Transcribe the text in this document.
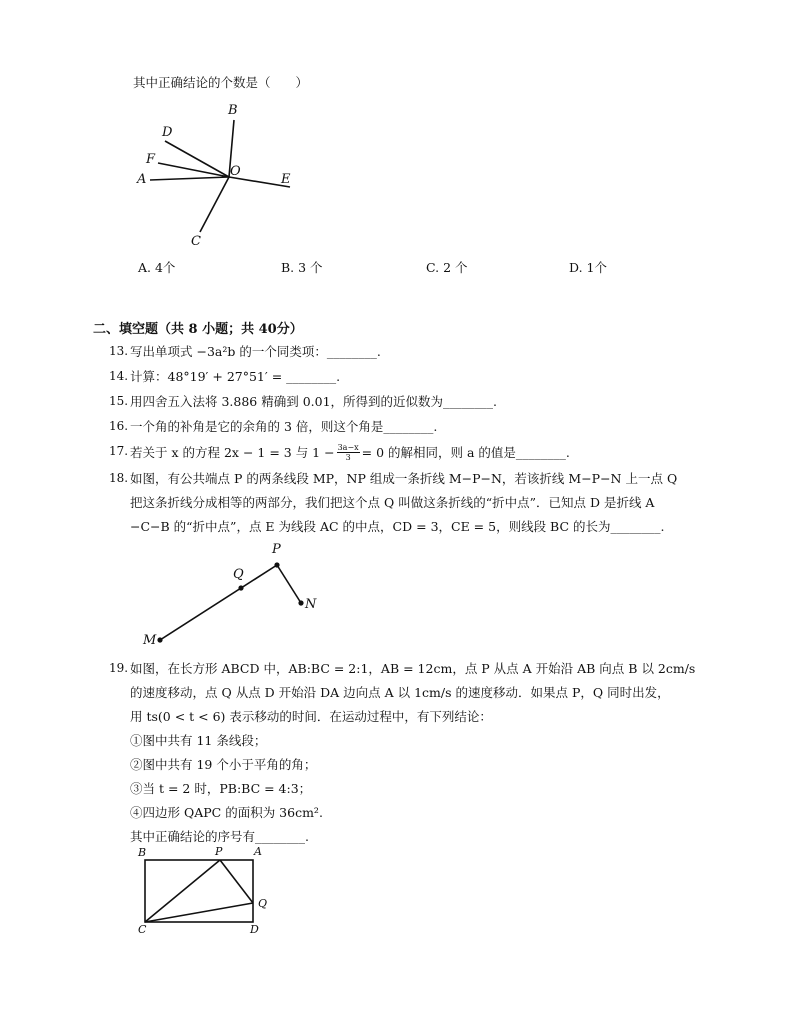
其中正确结论的个数是（　　）
B
D
F
A
O
E
C
A. 4个	B. 3 个	C. 2 个	D. 1个
二、填空题（共 8 小题；共 40分）
13. 写出单项式 −3a²b 的一个同类项：________.
14. 计算：48°19′ + 27°51′ = ________.
15. 用四舍五入法将 3.886 精确到 0.01，所得到的近似数为________.
16. 一个角的补角是它的余角的 3 倍，则这个角是________.
17. 若关于 x 的方程 2x − 1 = 3 与 $1 - \frac{3a-x}{3} = 0$ 的解相同，则 a 的值是________.
18. 如图，有公共端点 P 的两条线段 MP，NP 组成一条折线 M−P−N，若该折线 M−P−N 上一点 Q
把这条折线分成相等的两部分，我们把这个点 Q 叫做这条折线的“折中点”．已知点 D 是折线 A
−C−B 的“折中点”，点 E 为线段 AC 的中点，CD = 3，CE = 5，则线段 BC 的长为________.
P
Q
N
M
19. 如图，在长方形 ABCD 中，AB:BC = 2:1，AB = 12cm，点 P 从点 A 开始沿 AB 向点 B 以 2cm/s
的速度移动，点 Q 从点 D 开始沿 DA 边向点 A 以 1cm/s 的速度移动．如果点 P，Q 同时出发，
用 ts(0 < t < 6) 表示移动的时间．在运动过程中，有下列结论：
①图中共有 11 条线段；
②图中共有 19 个小于平角的角；
③当 t = 2 时，PB:BC = 4:3；
④四边形 QAPC 的面积为 36cm².
其中正确结论的序号有________.
B	P	A
Q
C	D
